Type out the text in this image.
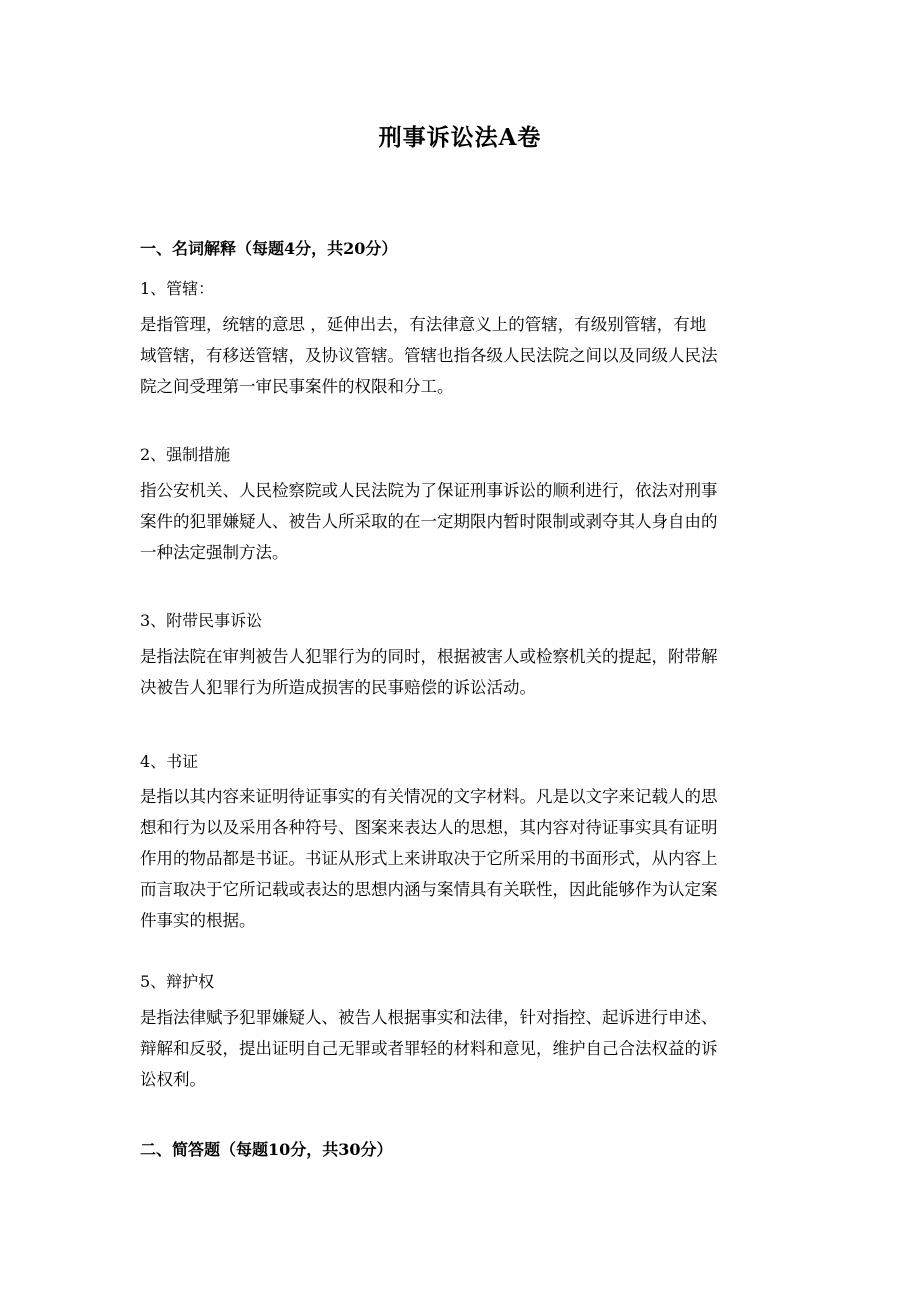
刑事诉讼法A卷
一、名词解释（每题4分，共20分）
1、管辖：
是指管理，统辖的意思 ，延伸出去，有法律意义上的管辖，有级别管辖，有地
域管辖，有移送管辖，及协议管辖。管辖也指各级人民法院之间以及同级人民法
院之间受理第一审民事案件的权限和分工。
2、强制措施
指公安机关、人民检察院或人民法院为了保证刑事诉讼的顺利进行，依法对刑事
案件的犯罪嫌疑人、被告人所采取的在一定期限内暂时限制或剥夺其人身自由的
一种法定强制方法。
3、附带民事诉讼
是指法院在审判被告人犯罪行为的同时，根据被害人或检察机关的提起，附带解
决被告人犯罪行为所造成损害的民事赔偿的诉讼活动。
4、书证
是指以其内容来证明待证事实的有关情况的文字材料。凡是以文字来记载人的思
想和行为以及采用各种符号、图案来表达人的思想，其内容对待证事实具有证明
作用的物品都是书证。书证从形式上来讲取决于它所采用的书面形式，从内容上
而言取决于它所记载或表达的思想内涵与案情具有关联性，因此能够作为认定案
件事实的根据。
5、辩护权
是指法律赋予犯罪嫌疑人、被告人根据事实和法律，针对指控、起诉进行申述、
辩解和反驳，提出证明自己无罪或者罪轻的材料和意见，维护自己合法权益的诉
讼权利。
二、简答题（每题10分，共30分）
